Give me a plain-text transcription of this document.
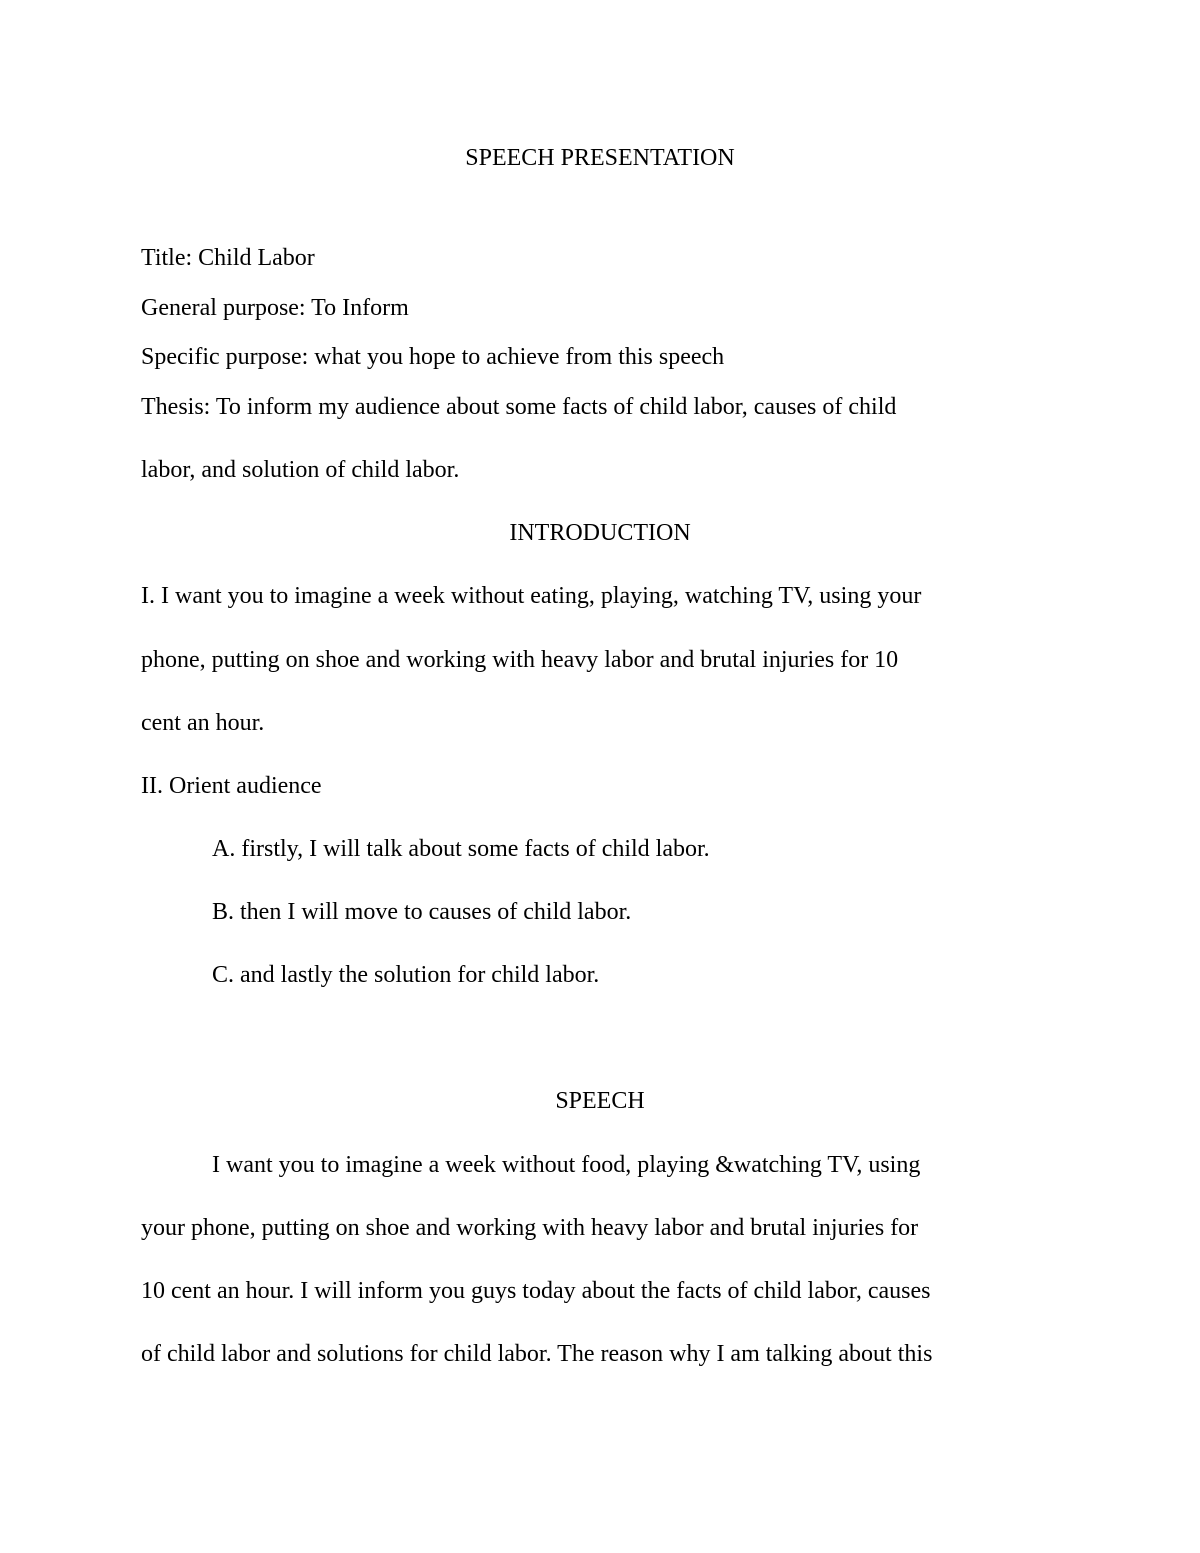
SPEECH PRESENTATION
Title: Child Labor
General purpose: To Inform
Specific purpose: what you hope to achieve from this speech
Thesis: To inform my audience about some facts of child labor, causes of child
labor, and solution of child labor.
INTRODUCTION
I. I want you to imagine a week without eating, playing, watching TV, using your
phone, putting on shoe and working with heavy labor and brutal injuries for 10
cent an hour.
II. Orient audience
A. firstly, I will talk about some facts of child labor.
B. then I will move to causes of child labor.
C. and lastly the solution for child labor.
SPEECH
I want you to imagine a week without food, playing &watching TV, using
your phone, putting on shoe and working with heavy labor and brutal injuries for
10 cent an hour. I will inform you guys today about the facts of child labor, causes
of child labor and solutions for child labor. The reason why I am talking about this
